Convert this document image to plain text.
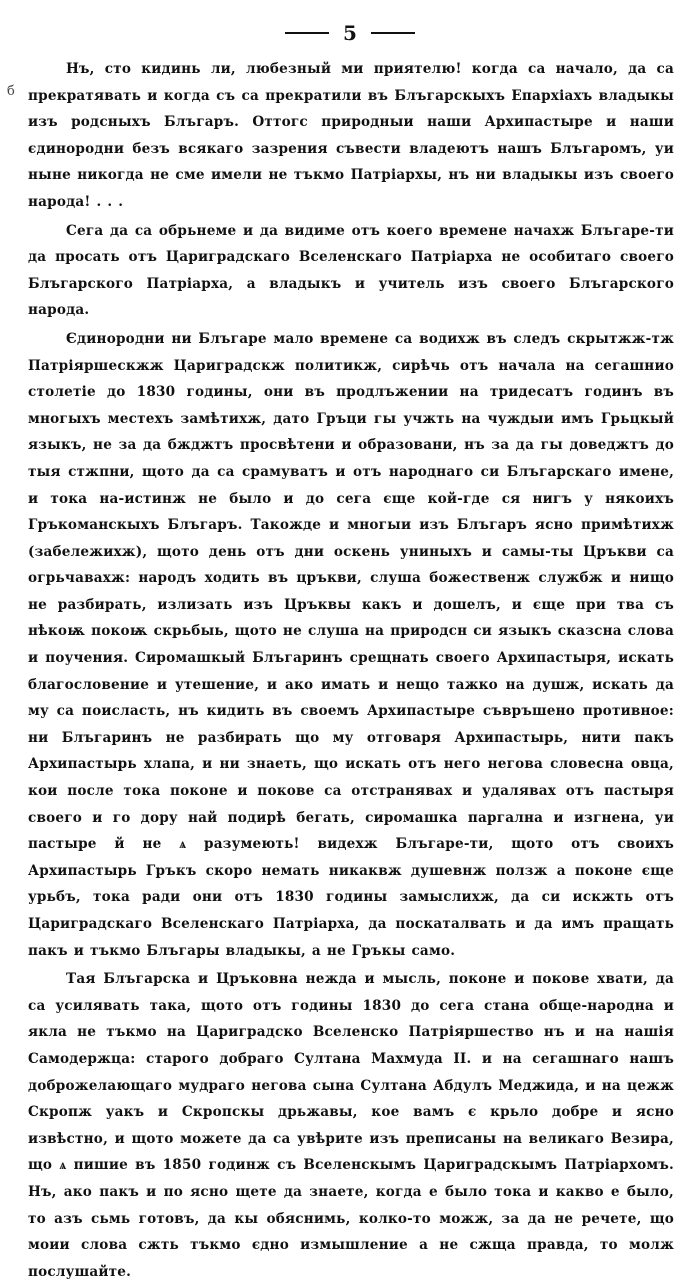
5
б

Нъ, сто кидинь ли, любезный ми приятелю! когда са начало, да са прекратявать и когда съ са прекратили въ Блъгарскыхъ Епархіахъ владыкы изъ родсныхъ Блъгаръ. Оттогс природныи наши Архипастыре и наши єдинородни безъ всякаго зазрения съвести владеютъ нашъ Блъгаромъ, уи ныне никогда не сме имели не тъкмо Патріархы, нъ ни владыкы изъ своего народа! . . .

Сега да са обрьнеме и да видиме отъ коего времене начахж Блъгаре-ти да просать отъ Цариградскаго Вселенскаго Патріарха не особитаго своего Блъгарского Патріарха, а владыкъ и учитель изъ своего Блъгарского народа.

Єдинородни ни Блъгаре мало времене са водихж въ следъ скрытжж-тж Патріяршескжж Цариградскж политикж, сирѣчь отъ начала на сегашнио столетіе до 1830 годины, они въ продлъжении на тридесатъ годинъ въ многыхъ местехъ замѣтихж, дато Гръци гы учжть на чуждыи имъ Грьцкый языкъ, не за да бжджтъ просвѣтени и образовани, нъ за да гы доведжтъ до тыя стжпни, щото да са срамуватъ и отъ народнаго си Блъгарскаго имене, и тока на-истинж не было и до сега єще кой-где ся нигъ у някоихъ Гръкоманскыхъ Блъгаръ. Такожде и многыи изъ Блъгаръ ясно примѣтихж (забележихж), щото день отъ дни оскень униныхъ и самы-ты Цръкви са огрьчавахж: народъ ходить въ цръкви, слуша божественж службж и нищо не разбирать, излизать изъ Цръквы какъ и дошелъ, и єще при тва съ нѣкоѭ покоѭ скрьбыь, щото не слуша на природсн си языкъ сказсна слова и поучения. Сиромашкый Блъгаринъ срещнать своего Архипастыря, искать благословение и утешение, и ако имать и нещо тажко на душж, искать да му са поисласть, нъ кидить въ своемъ Архипастыре съвръшено противное: ни Блъгаринъ не разбирать що му отговаря Архипастырь, нити пакъ Архипастырь хлапа, и ни знаеть, що искать отъ него негова словесна овца, кои после тока поконе и покове са отстранявах и удалявах отъ пастыря своего и го дору най подирѣ бегать, сиромашка паргална и изгнена, уи пастыре й не ѧ разумеють! видехж Блъгаре-ти, щото отъ своихъ Архипастырь Гръкъ скоро немать никаквж душевнж ползж а поконе єще урьбъ, тока ради они отъ 1830 годины замыслихж, да си искжть отъ Цариградскаго Вселенскаго Патріарха, да поскаталвать и да имъ пращать пакъ и тъкмо Блъгары владыкы, а не Гръкы само.

Тая Блъгарска и Цръковна нежда и мысль, поконе и покове хвати, да са усилявать така, щото отъ годины 1830 до сега стана обще-народна и якла не тъкмо на Цариградско Вселенско Патріяршество нъ и на нашія Самодержца: старого добраго Султана Махмуда II. и на сегашнаго нашъ доброжелающаго мудраго негова сына Султана Абдулъ Меджида, и на цежж Скропж уакъ и Скропскы дрьжавы, кое вамъ є крьло добре и ясно извѣстно, и щото можете да са увѣрите изъ преписаны на великаго Везира, що ѧ пишие въ 1850 годинж съ Вселенскымъ Цариградскымъ Патріархомъ. Нъ, ако пакъ и по ясно щете да знаете, когда е было тока и какво е было, то азъ сьмь готовъ, да кы обяснимь, колко-то можж, за да не речете, що моии слова сжть тъкмо єдно измышление а не сжща правда, то молж послушайте.
